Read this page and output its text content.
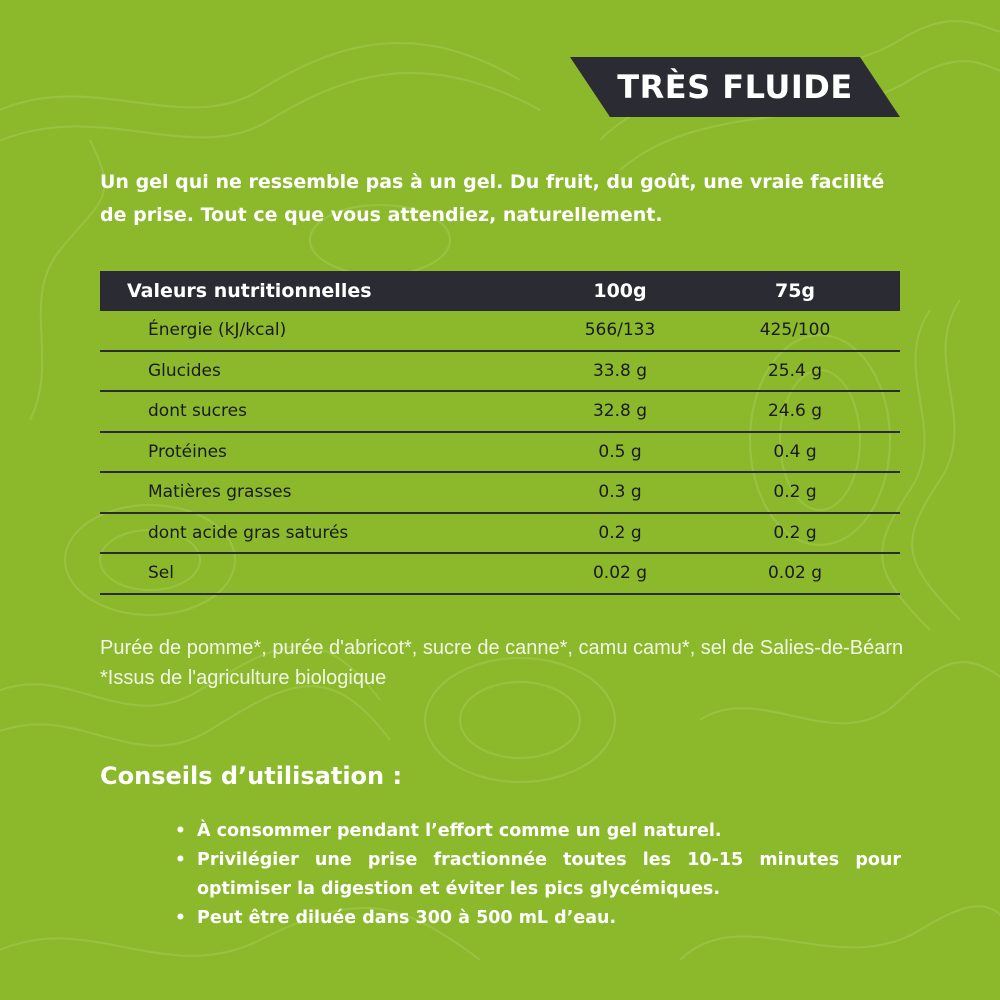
TRÈS FLUIDE
Un gel qui ne ressemble pas à un gel. Du fruit, du goût, une vraie facilité de prise. Tout ce que vous attendiez, naturellement.
Valeurs nutritionnelles	100g	75g
Énergie (kJ/kcal)	566/133	425/100
Glucides	33.8 g	25.4 g
dont sucres	32.8 g	24.6 g
Protéines	0.5 g	0.4 g
Matières grasses	0.3 g	0.2 g
dont acide gras saturés	0.2 g	0.2 g
Sel	0.02 g	0.02 g

Purée de pomme*, purée d'abricot*, sucre de canne*, camu camu*, sel de Salies-de-Béarn

*Issus de l'agriculture biologique

Conseils d’utilisation :
• À consommer pendant l’effort comme un gel naturel.
• Privilégier une prise fractionnée toutes les 10-15 minutes pour optimiser la digestion et éviter les pics glycémiques.
• Peut être diluée dans 300 à 500 mL d’eau.
